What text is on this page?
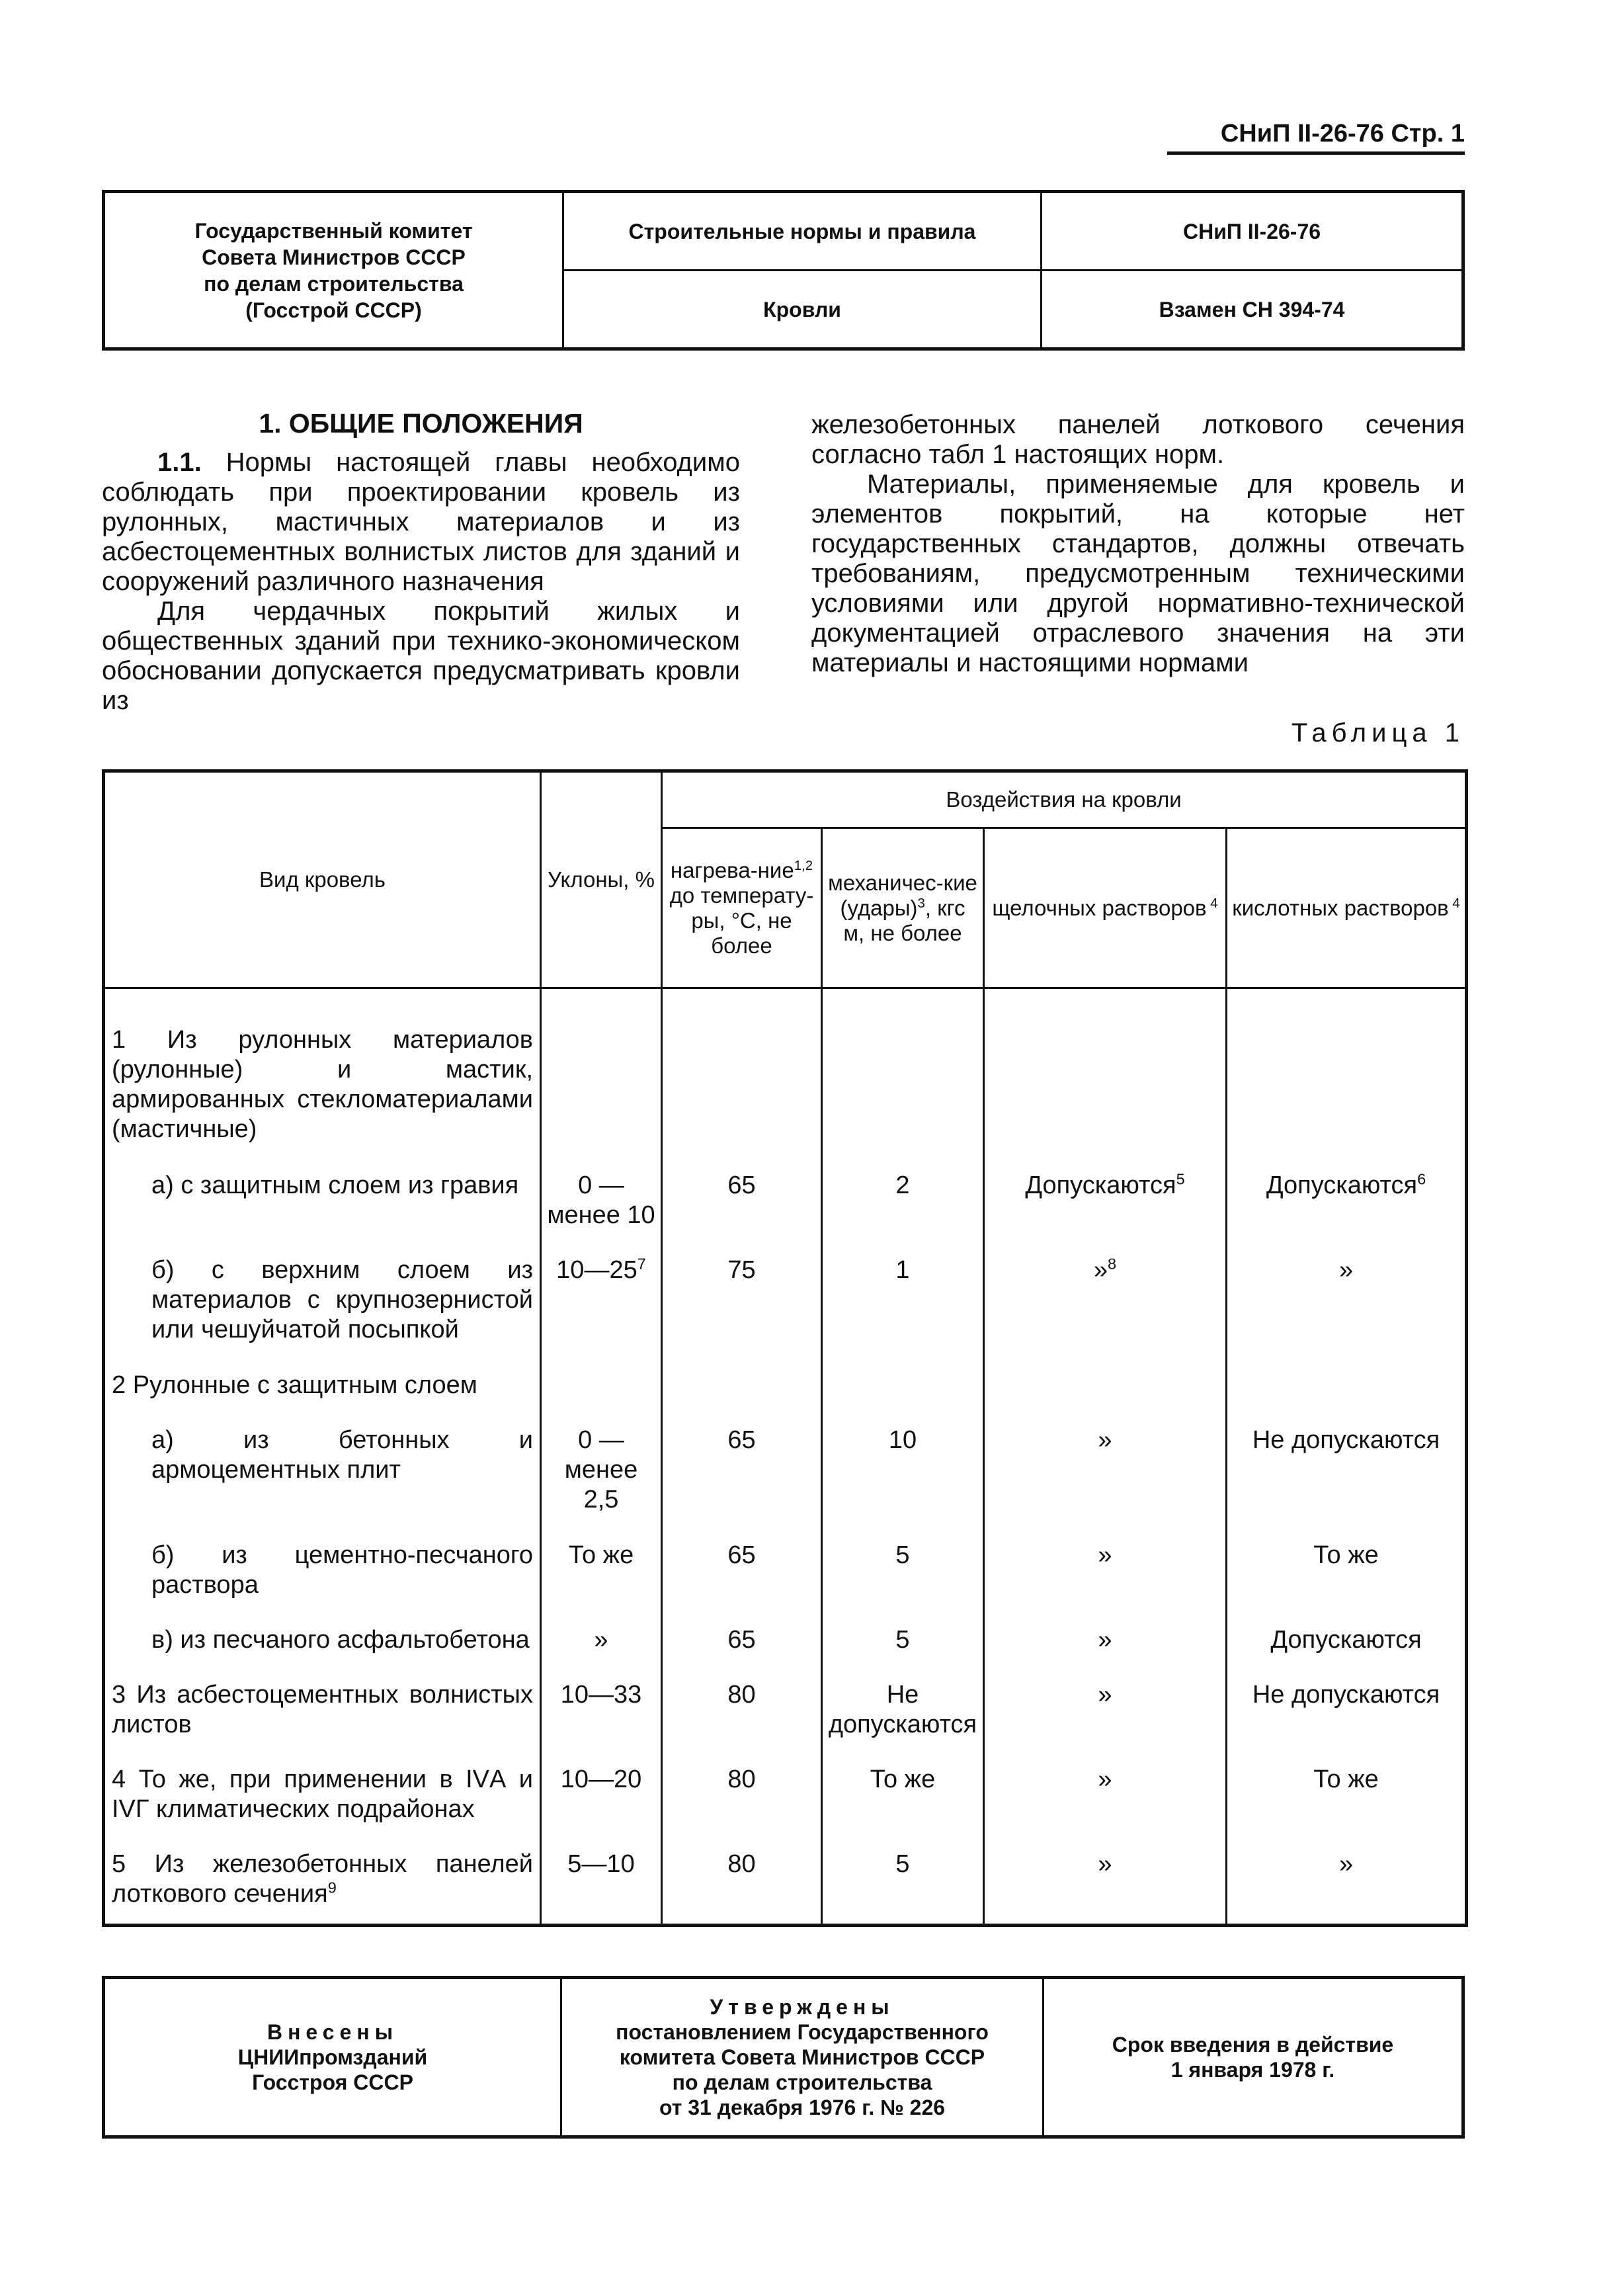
СНиП II-26-76 Стр. 1
Государственный комитет
Совета Министров СССР
по делам строительства
(Госстрой СССР)	Строительные нормы и правила	СНиП II-26-76
	Кровли	Взамен СН 394-74
1. ОБЩИЕ ПОЛОЖЕНИЯ

1.1. Нормы настоящей главы необходимо соблюдать при проектировании кровель из рулонных, мастичных материалов и из асбестоцементных волнистых листов для зданий и сооружений различного назначения

Для чердачных покрытий жилых и общественных зданий при технико-экономическом обосновании допускается предусматривать кровли из

железобетонных панелей лоткового сечения согласно табл 1 настоящих норм.

Материалы, применяемые для кровель и элементов покрытий, на которые нет государственных стандартов, должны отвечать требованиям, предусмотренным техническими условиями или другой нормативно-технической документацией отраслевого значения на эти материалы и настоящими нормами

Таблица 1
Вид кровель	Уклоны, %	Воздействия на кровли			
		нагрева-ние$^{1,2}$ до температу-ры, °С, не более	механичес-кие (удары)$^3$, кгс м, не более	щелочных растворов $^4$	кислотных растворов $^4$
1 Из рулонных материалов (рулонные) и мастик, армированных стекломатериалами (мастичные)					
а) с защитным слоем из гравия	0 — менее 10	65	2	Допускаются$^5$	Допускаются$^6$
б) с верхним слоем из материалов с крупнозернистой или чешуйчатой посыпкой	$10—25^7$	75	1	»$^8$	»
2 Рулонные с защитным слоем					
а) из бетонных и армоцементных плит	0 — менее 2,5	65	10	»	Не допускаются
б) из цементно-песчаного раствора	То же	65	5	»	То же
в) из песчаного асфальтобетона	»	65	5	»	Допускаются
3 Из асбестоцементных волнистых листов	10—33	80	Не допускаются	»	Не допускаются
4 То же, при применении в IVА и IVГ климатических подрайонах	10—20	80	То же	»	То же
5 Из железобетонных панелей лоткового сечения$^9$	5—10	80	5	»	»
Внесены
ЦНИИпромзданий
Госстроя СССР

Утверждены
постановлением Государственного
комитета Совета Министров СССР
по делам строительства
от 31 декабря 1976 г. № 226

Срок введения в действие
1 января 1978 г.
